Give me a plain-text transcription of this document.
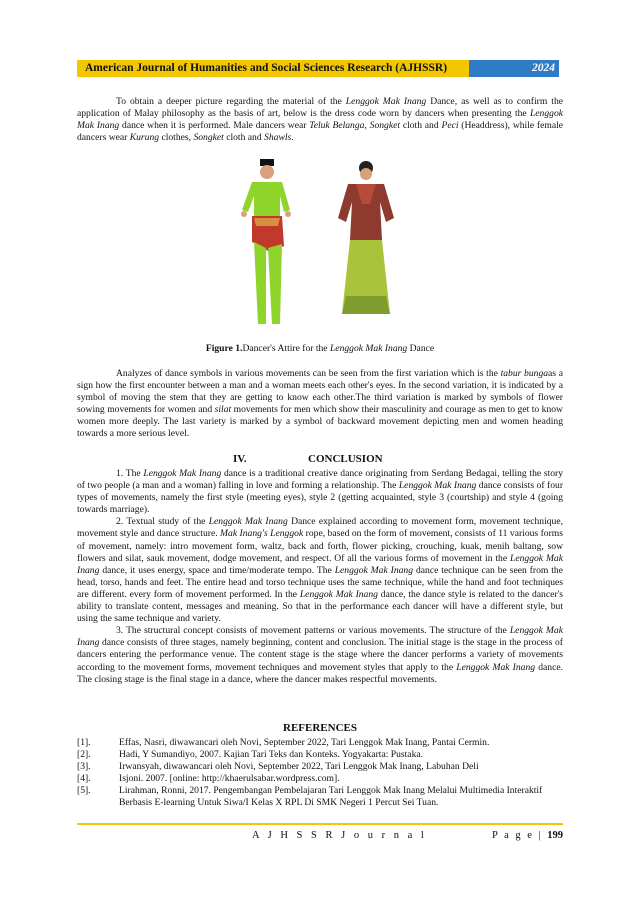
American Journal of Humanities and Social Sciences Research (AJHSSR)	2024

To obtain a deeper picture regarding the material of the Lenggok Mak Inang Dance, as well as to confirm the application of Malay philosophy as the basis of art, below is the dress code worn by dancers when presenting the Lenggok Mak Inang dance when it is performed. Male dancers wear Teluk Belanga, Songket cloth and Peci (Headdress), while female dancers wear Kurung clothes, Songket cloth and Shawls.

Figure 1.Dancer's Attire for the Lenggok Mak Inang Dance

Analyzes of dance symbols in various movements can be seen from the first variation which is the tabur bungaas a sign how the first encounter between a man and a woman meets each other's eyes. In the second variation, it is indicated by a symbol of moving the stem that they are getting to know each other.The third variation is marked by symbols of flower sowing movements for women and silat movements for men which show their masculinity and courage as men to get to know women more deeply. The last variety is marked by a symbol of backward movement depicting men and women heading towards a more serious level.

IV.	CONCLUSION

1. The Lenggok Mak Inang dance is a traditional creative dance originating from Serdang Bedagai, telling the story of two people (a man and a woman) falling in love and forming a relationship. The Lenggok Mak Inang dance consists of four types of movements, namely the first style (meeting eyes), style 2 (getting acquainted, style 3 (courtship) and style 4 (going towards marriage).

2. Textual study of the Lenggok Mak Inang Dance explained according to movement form, movement technique, movement style and dance structure. Mak Inang's Lenggok rope, based on the form of movement, consists of 11 various forms of movement, namely: intro movement form, waltz, back and forth, flower picking, crouching, kuak, menih baltang, sow flowers and silat, sauk movement, dodge movement, and respect. Of all the various forms of movement in the Lenggok Mak Inang dance, it uses energy, space and time/moderate tempo. The Lenggok Mak Inang dance technique can be seen from the head, torso, hands and feet. The entire head and torso technique uses the same technique, while the hand and foot techniques are different. every form of movement performed. In the Lenggok Mak Inang dance, the dance style is related to the dancer's ability to translate content, messages and meaning. So that in the performance each dancer will have a different style, but using the same technique and variety.

3. The structural concept consists of movement patterns or various movements. The structure of the Lenggok Mak Inang dance consists of three stages, namely beginning, content and conclusion. The initial stage is the stage in the process of dancers entering the performance venue. The content stage is the stage where the dancer performs a variety of movements according to the movement forms, movement techniques and movement styles that apply to the Lenggok Mak Inang dance. The closing stage is the final stage in a dance, where the dancer makes respectful movements.

REFERENCES
[1].	Effas, Nasri, diwawancari oleh Novi, September 2022, Tari Lenggok Mak Inang, Pantai Cermin.
[2].	Hadi, Y Sumandiyo, 2007. Kajian Tari Teks dan Konteks. Yogyakarta: Pustaka.
[3].	Irwansyah, diwawancari oleh Novi, September 2022, Tari Lenggok Mak Inang, Labuhan Deli
[4].	Isjoni. 2007. [online: http://khaerulsabar.wordpress.com].
[5].	Lirahman, Ronni, 2017. Pengembangan Pembelajaran Tari Lenggok Mak Inang Melalui Multimedia Interaktif Berbasis E-learning Untuk Siwa/I Kelas X RPL Di SMK Negeri 1 Percut Sei Tuan.
A J H S S R J o u r n a l	P a g e | 199
